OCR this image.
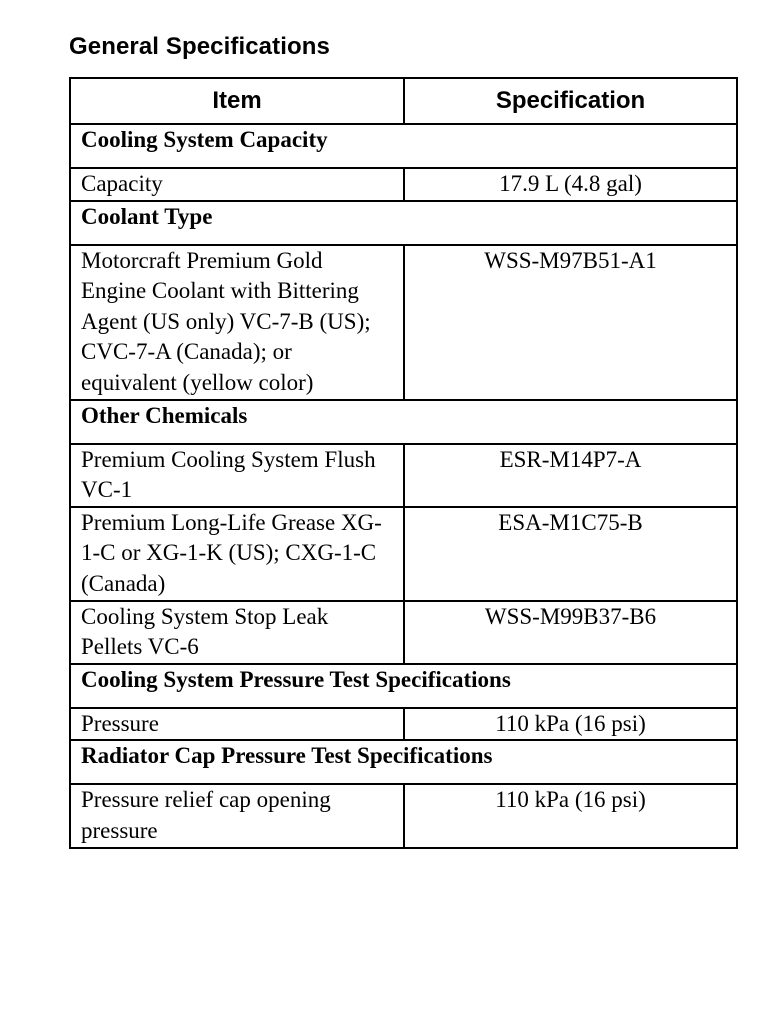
General Specifications
Item	Specification
Cooling System Capacity	
Capacity	17.9 L (4.8 gal)
Coolant Type	
Motorcraft Premium Gold Engine Coolant with Bittering Agent (US only) VC-7-B (US); CVC-7-A (Canada); or equivalent (yellow color)	WSS-M97B51-A1
Other Chemicals	
Premium Cooling System Flush VC-1	ESR-M14P7-A
Premium Long-Life Grease XG-1-C or XG-1-K (US); CXG-1-C (Canada)	ESA-M1C75-B
Cooling System Stop Leak Pellets VC-6	WSS-M99B37-B6
Cooling System Pressure Test Specifications	
Pressure	110 kPa (16 psi)
Radiator Cap Pressure Test Specifications	
Pressure relief cap opening pressure	110 kPa (16 psi)
